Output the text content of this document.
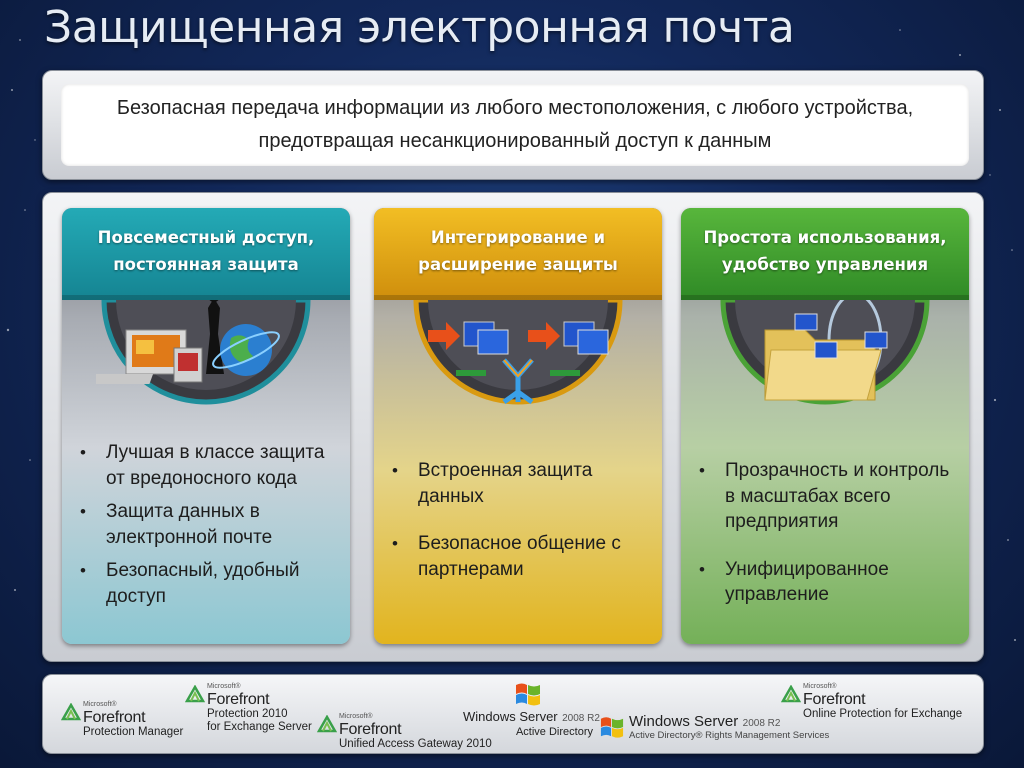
Защищенная электронная почта
Безопасная передача информации из любого местоположения, с любого устройства, предотвращая несанкционированный доступ к данным
Повсеместный доступ, постоянная защита
• Лучшая в классе защита от вредоносного кода
• Защита данных в электронной почте
• Безопасный, удобный доступ
Интегрирование и расширение защиты
• Встроенная защита данных
• Безопасное общение с партнерами
Простота использования, удобство управления
• Прозрачность и контроль в масштабах всего предприятия
• Унифицированное управление
Microsoft®
Forefront
Protection Manager
Microsoft®
Forefront
Protection 2010
for Exchange Server
Microsoft®
Forefront
Unified Access Gateway 2010
Windows Server 2008 R2
Active Directory
Windows Server 2008 R2
Active Directory® Rights Management Services
Microsoft®
Forefront
Online Protection for Exchange
